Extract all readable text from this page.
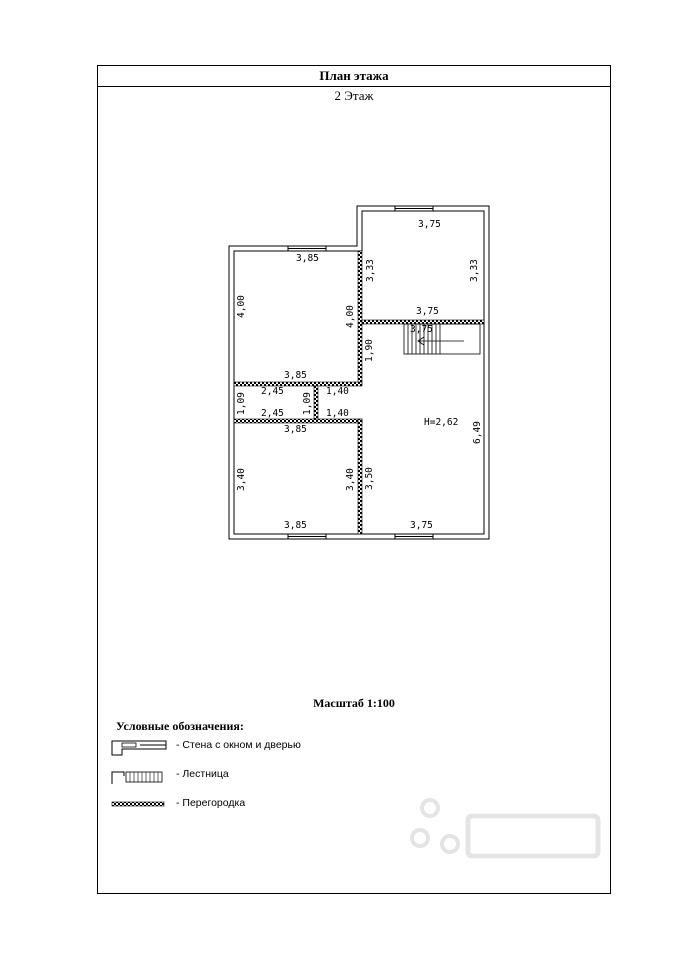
План этажа
2 Этаж
3,85
4,00	4,00
3,85
3,75
3,33	3,33
3,75
3,75
1,90
2,45
1,09 2,45 1,09
1,40
1,40
3,85
3,40	3,40
3,85
3,50
6,49
3,75
H=2,62
Масштаб 1:100
Условные обозначения:
- Стена с окном и дверью
- Лестница
- Перегородка
